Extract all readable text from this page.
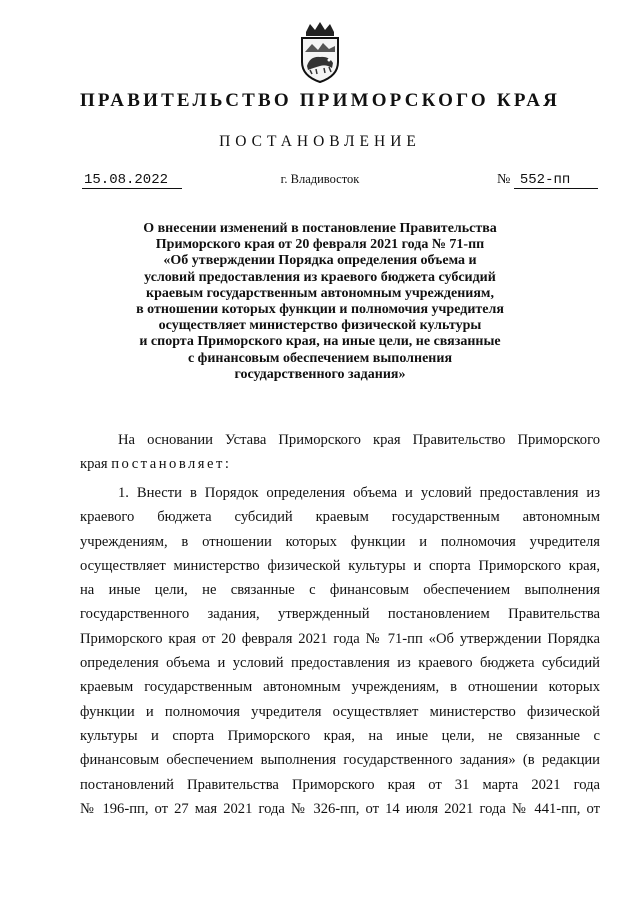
ПРАВИТЕЛЬСТВО ПРИМОРСКОГО КРАЯ
ПОСТАНОВЛЕНИЕ
15.08.2022	г. Владивосток	№ 552-пп
О внесении изменений в постановление Правительства
Приморского края от 20 февраля 2021 года № 71-пп
«Об утверждении Порядка определения объема и
условий предоставления из краевого бюджета субсидий
краевым государственным автономным учреждениям,
в отношении которых функции и полномочия учредителя
осуществляет министерство физической культуры
и спорта Приморского края, на иные цели, не связанные
с финансовым обеспечением выполнения
государственного задания»
На основании Устава Приморского края Правительство Приморского
края постановляет:
1. Внести в Порядок определения объема и условий предоставления из
краевого бюджета субсидий краевым государственным автономным
учреждениям, в отношении которых функции и полномочия учредителя
осуществляет министерство физической культуры и спорта Приморского края,
на иные цели, не связанные с финансовым обеспечением выполнения
государственного задания, утвержденный постановлением Правительства
Приморского края от 20 февраля 2021 года № 71-пп «Об утверждении Порядка
определения объема и условий предоставления из краевого бюджета субсидий
краевым государственным автономным учреждениям, в отношении которых
функции и полномочия учредителя осуществляет министерство физической
культуры и спорта Приморского края, на иные цели, не связанные с
финансовым обеспечением выполнения государственного задания» (в редакции
постановлений Правительства Приморского края от 31 марта 2021 года
№ 196-пп, от 27 мая 2021 года № 326-пп, от 14 июля 2021 года № 441-пп, от
